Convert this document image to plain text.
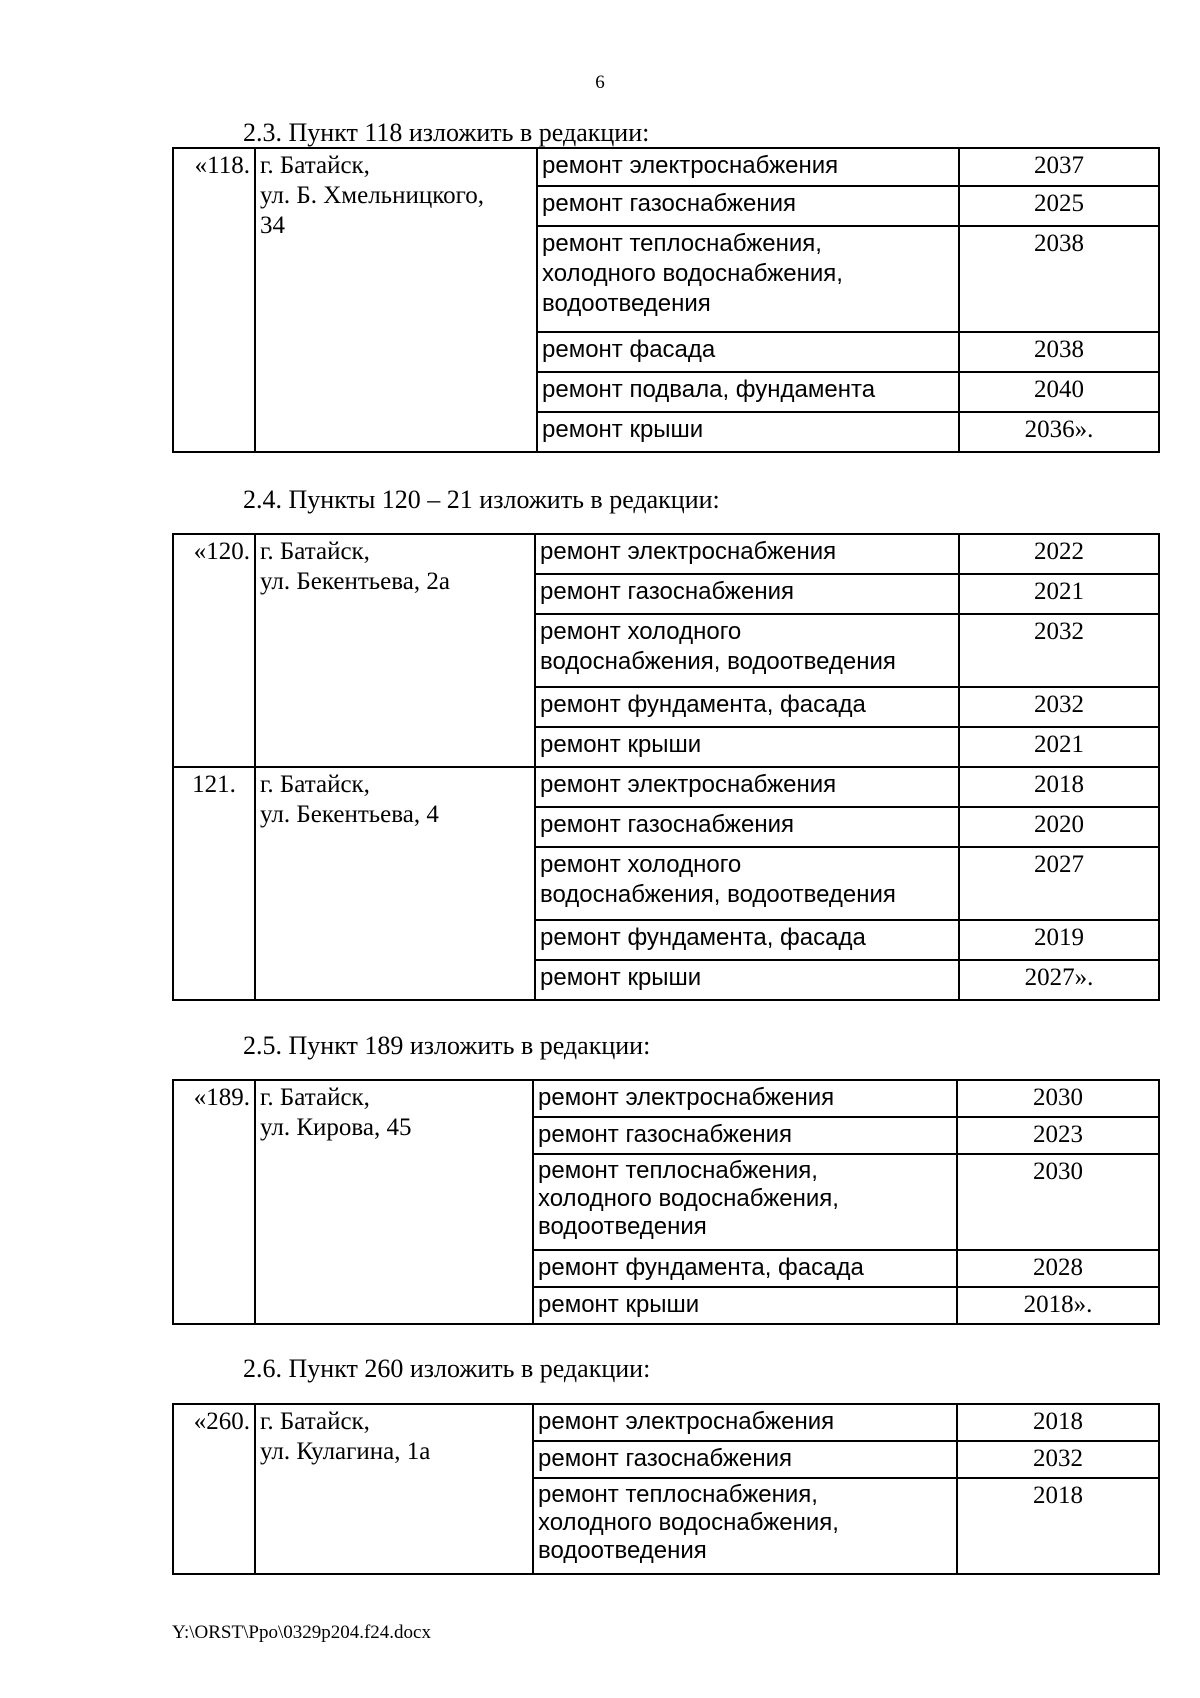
6
2.3. Пункт 118 изложить в редакции:
«118.	г. Батайск,
ул. Б. Хмельницкого,
34	ремонт электроснабжения	2037
		ремонт газоснабжения	2025

		ремонт теплоснабжения,
холодного водоснабжения,
водоотведения	2038
		ремонт фасада	2038
		ремонт подвала, фундамента	2040
		ремонт крыши	2036».
2.4. Пункты 120 – 21 изложить в редакции:
«120.	г. Батайск,
ул. Бекентьева, 2а	ремонт электроснабжения	2022
		ремонт газоснабжения	2021

		ремонт холодного
водоснабжения, водоотведения	2032
		ремонт фундамента, фасада	2032
		ремонт крыши	2021
121.	г. Батайск,
ул. Бекентьева, 4	ремонт электроснабжения	2018
		ремонт газоснабжения	2020

		ремонт холодного
водоснабжения, водоотведения	2027
		ремонт фундамента, фасада	2019
		ремонт крыши	2027».
2.5. Пункт 189 изложить в редакции:
«189.	г. Батайск,
ул. Кирова, 45	ремонт электроснабжения	2030
		ремонт газоснабжения	2023

		ремонт теплоснабжения,
холодного водоснабжения,
водоотведения	2030
		ремонт фундамента, фасада	2028
		ремонт крыши	2018».
2.6. Пункт 260 изложить в редакции:
«260.	г. Батайск,
ул. Кулагина, 1а	ремонт электроснабжения	2018
		ремонт газоснабжения	2032

		ремонт теплоснабжения,
холодного водоснабжения,
водоотведения	2018
Y:\ORST\Ppo\0329p204.f24.docx
